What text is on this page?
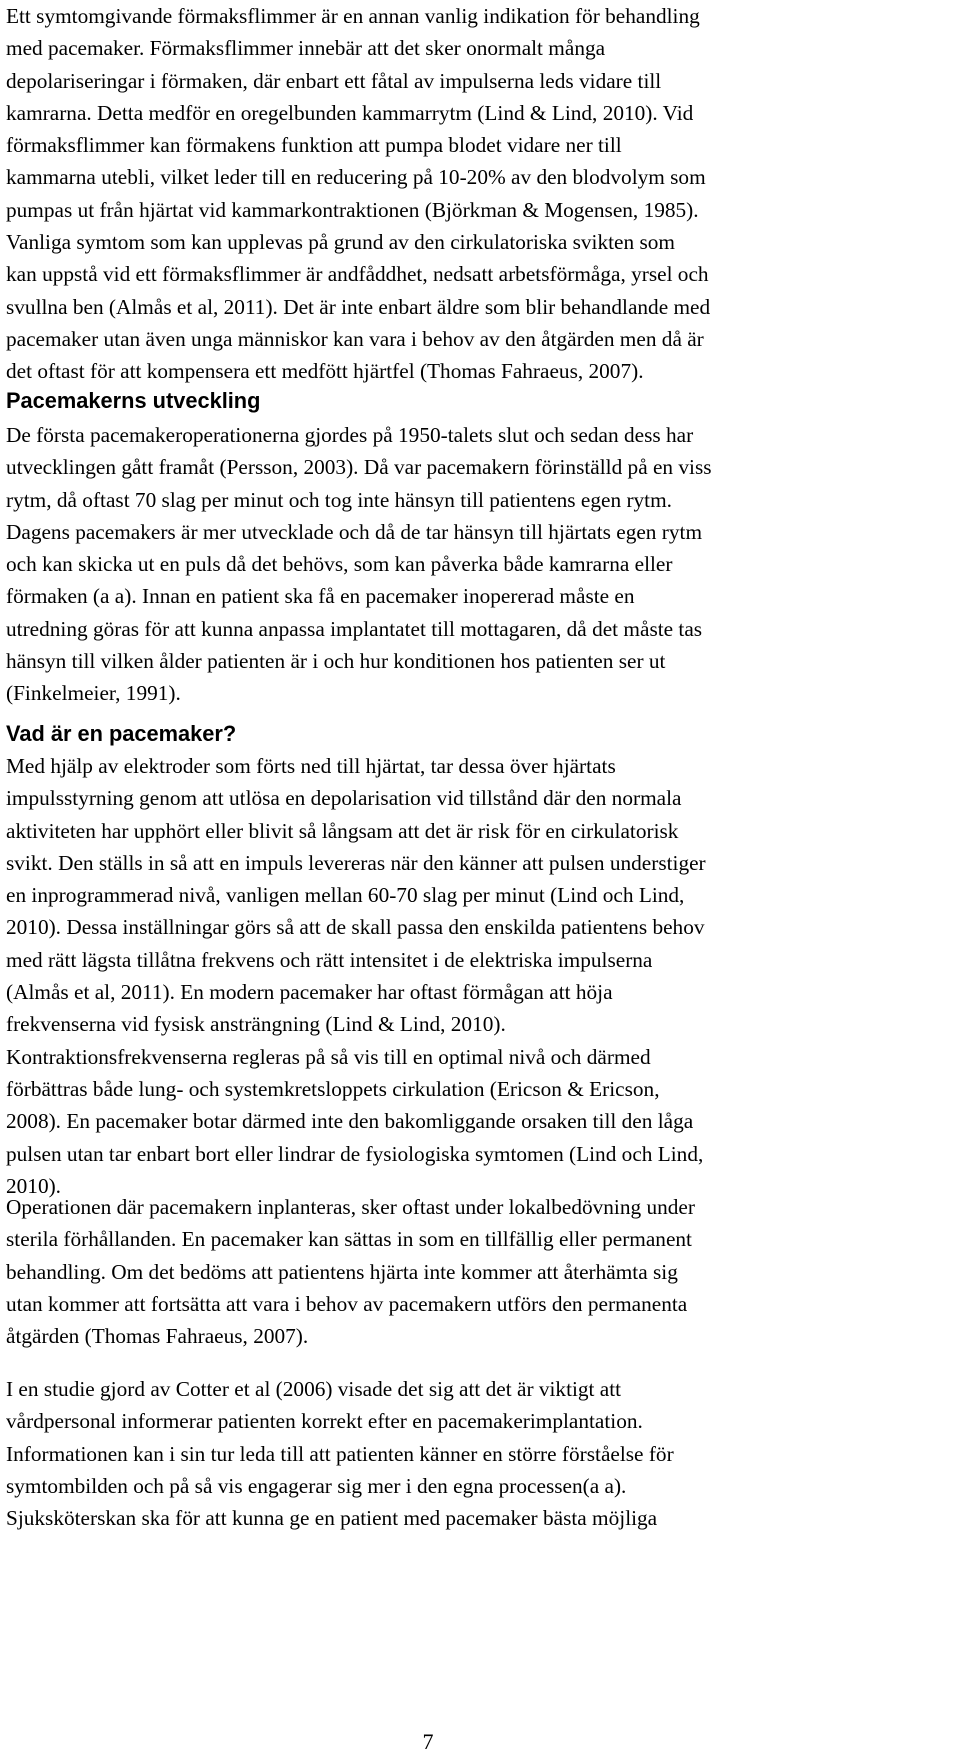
Ett symtomgivande förmaksflimmer är en annan vanlig indikation för behandling
med pacemaker. Förmaksflimmer innebär att det sker onormalt många
depolariseringar i förmaken, där enbart ett fåtal av impulserna leds vidare till
kamrarna. Detta medför en oregelbunden kammarrytm (Lind & Lind, 2010). Vid
förmaksflimmer kan förmakens funktion att pumpa blodet vidare ner till
kammarna utebli, vilket leder till en reducering på 10-20% av den blodvolym som
pumpas ut från hjärtat vid kammarkontraktionen (Björkman & Mogensen, 1985).
Vanliga symtom som kan upplevas på grund av den cirkulatoriska svikten som
kan uppstå vid ett förmaksflimmer är andfåddhet, nedsatt arbetsförmåga, yrsel och
svullna ben (Almås et al, 2011). Det är inte enbart äldre som blir behandlande med
pacemaker utan även unga människor kan vara i behov av den åtgärden men då är
det oftast för att kompensera ett medfött hjärtfel (Thomas Fahraeus, 2007).
Pacemakerns utveckling
De första pacemakeroperationerna gjordes på 1950-talets slut och sedan dess har
utvecklingen gått framåt (Persson, 2003). Då var pacemakern förinställd på en viss
rytm, då oftast 70 slag per minut och tog inte hänsyn till patientens egen rytm.
Dagens pacemakers är mer utvecklade och då de tar hänsyn till hjärtats egen rytm
och kan skicka ut en puls då det behövs, som kan påverka både kamrarna eller
förmaken (a a). Innan en patient ska få en pacemaker inopererad måste en
utredning göras för att kunna anpassa implantatet till mottagaren, då det måste tas
hänsyn till vilken ålder patienten är i och hur konditionen hos patienten ser ut
(Finkelmeier, 1991).
Vad är en pacemaker?
Med hjälp av elektroder som förts ned till hjärtat, tar dessa över hjärtats
impulsstyrning genom att utlösa en depolarisation vid tillstånd där den normala
aktiviteten har upphört eller blivit så långsam att det är risk för en cirkulatorisk
svikt. Den ställs in så att en impuls levereras när den känner att pulsen understiger
en inprogrammerad nivå, vanligen mellan 60-70 slag per minut (Lind och Lind,
2010). Dessa inställningar görs så att de skall passa den enskilda patientens behov
med rätt lägsta tillåtna frekvens och rätt intensitet i de elektriska impulserna
(Almås et al, 2011). En modern pacemaker har oftast förmågan att höja
frekvenserna vid fysisk ansträngning (Lind & Lind, 2010).
Kontraktionsfrekvenserna regleras på så vis till en optimal nivå och därmed
förbättras både lung- och systemkretsloppets cirkulation (Ericson & Ericson,
2008). En pacemaker botar därmed inte den bakomliggande orsaken till den låga
pulsen utan tar enbart bort eller lindrar de fysiologiska symtomen (Lind och Lind,
2010).
Operationen där pacemakern inplanteras, sker oftast under lokalbedövning under
sterila förhållanden. En pacemaker kan sättas in som en tillfällig eller permanent
behandling. Om det bedöms att patientens hjärta inte kommer att återhämta sig
utan kommer att fortsätta att vara i behov av pacemakern utförs den permanenta
åtgärden (Thomas Fahraeus, 2007).
I en studie gjord av Cotter et al (2006) visade det sig att det är viktigt att
vårdpersonal informerar patienten korrekt efter en pacemakerimplantation.
Informationen kan i sin tur leda till att patienten känner en större förståelse för
symtombilden och på så vis engagerar sig mer i den egna processen(a a).
Sjuksköterskan ska för att kunna ge en patient med pacemaker bästa möjliga
7
